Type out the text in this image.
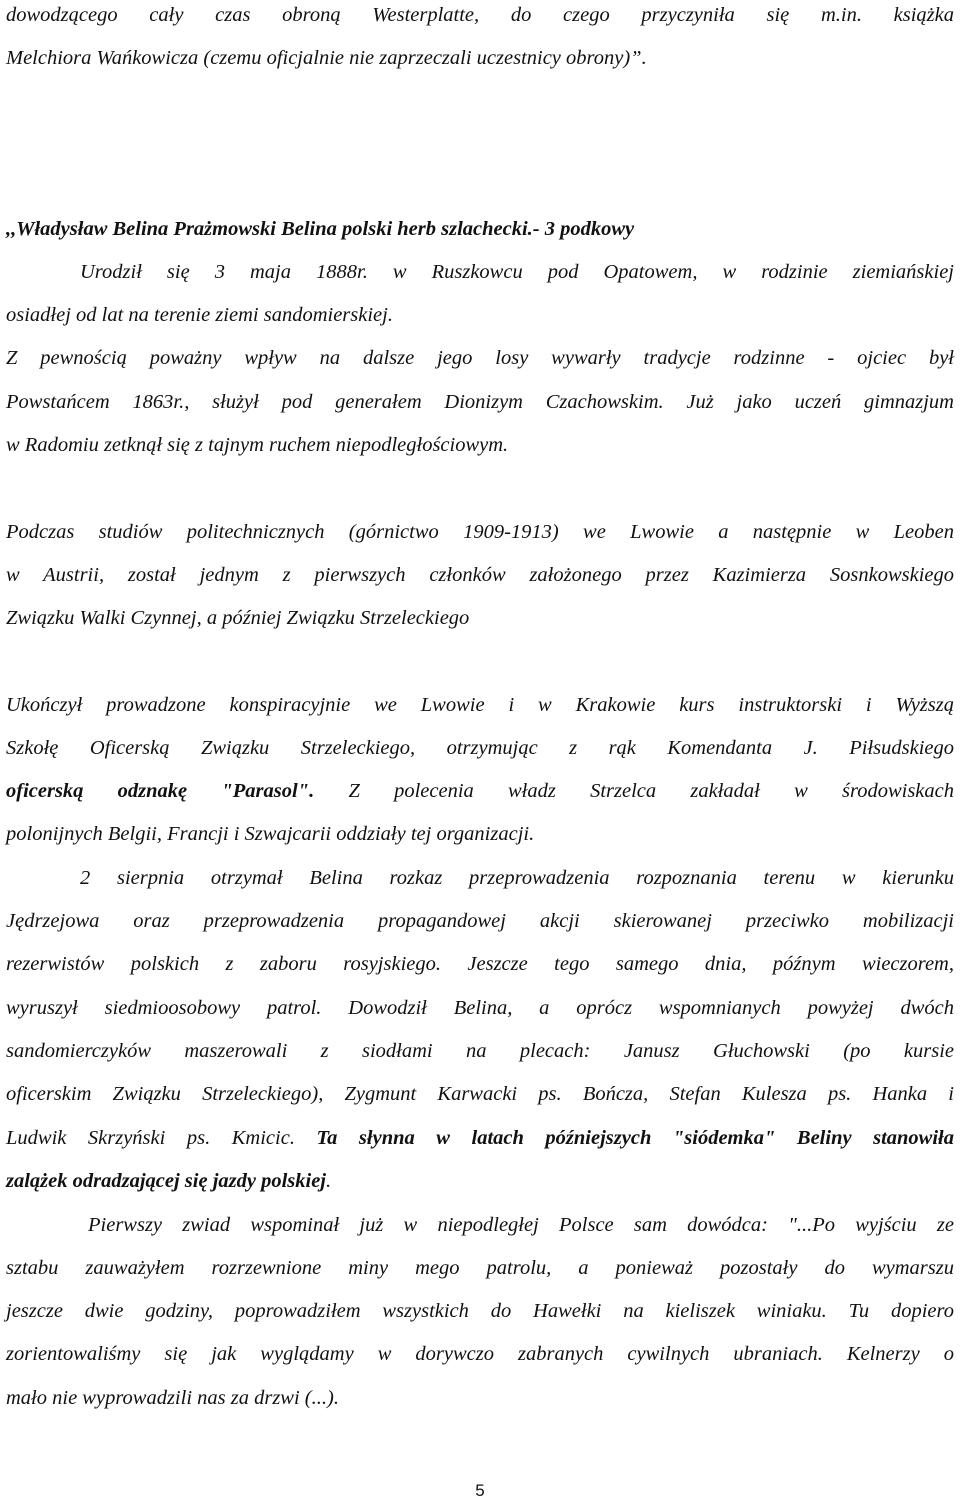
dowodzącego cały czas obroną Westerplatte, do czego przyczyniła się m.in. książka
Melchiora Wańkowicza (czemu oficjalnie nie zaprzeczali uczestnicy obrony)”.
,,Władysław Belina Prażmowski Belina polski herb szlachecki.- 3 podkowy
Urodził się 3 maja 1888r. w Ruszkowcu pod Opatowem, w rodzinie ziemiańskiej
osiadłej od lat na terenie ziemi sandomierskiej.
Z pewnością poważny wpływ na dalsze jego losy wywarły tradycje rodzinne - ojciec był
Powstańcem 1863r., służył pod generałem Dionizym Czachowskim. Już jako uczeń gimnazjum
w Radomiu zetknął się z tajnym ruchem niepodległościowym.
Podczas studiów politechnicznych (górnictwo 1909-1913) we Lwowie a następnie w Leoben
w Austrii, został jednym z pierwszych członków założonego przez Kazimierza Sosnkowskiego
Związku Walki Czynnej, a później Związku Strzeleckiego
Ukończył prowadzone konspiracyjnie we Lwowie i w Krakowie kurs instruktorski i Wyższą
Szkołę Oficerską Związku Strzeleckiego, otrzymując z rąk Komendanta J. Piłsudskiego
oficerską odznakę "Parasol". Z polecenia władz Strzelca zakładał w środowiskach
polonijnych Belgii, Francji i Szwajcarii oddziały tej organizacji.
2 sierpnia otrzymał Belina rozkaz przeprowadzenia rozpoznania terenu w kierunku
Jędrzejowa oraz przeprowadzenia propagandowej akcji skierowanej przeciwko mobilizacji
rezerwistów polskich z zaboru rosyjskiego. Jeszcze tego samego dnia, późnym wieczorem,
wyruszył siedmioosobowy patrol. Dowodził Belina, a oprócz wspomnianych powyżej dwóch
sandomierczyków maszerowali z siodłami na plecach: Janusz Głuchowski (po kursie
oficerskim Związku Strzeleckiego), Zygmunt Karwacki ps. Bończa, Stefan Kulesza ps. Hanka i
Ludwik Skrzyński ps. Kmicic. Ta słynna w latach późniejszych "siódemka" Beliny stanowiła
zalążek odradzającej się jazdy polskiej.
Pierwszy zwiad wspominał już w niepodległej Polsce sam dowódca: "...Po wyjściu ze
sztabu zauważyłem rozrzewnione miny mego patrolu, a ponieważ pozostały do wymarszu
jeszcze dwie godziny, poprowadziłem wszystkich do Hawełki na kieliszek winiaku. Tu dopiero
zorientowaliśmy się jak wyglądamy w dorywczo zabranych cywilnych ubraniach. Kelnerzy o
mało nie wyprowadzili nas za drzwi (...).
5
